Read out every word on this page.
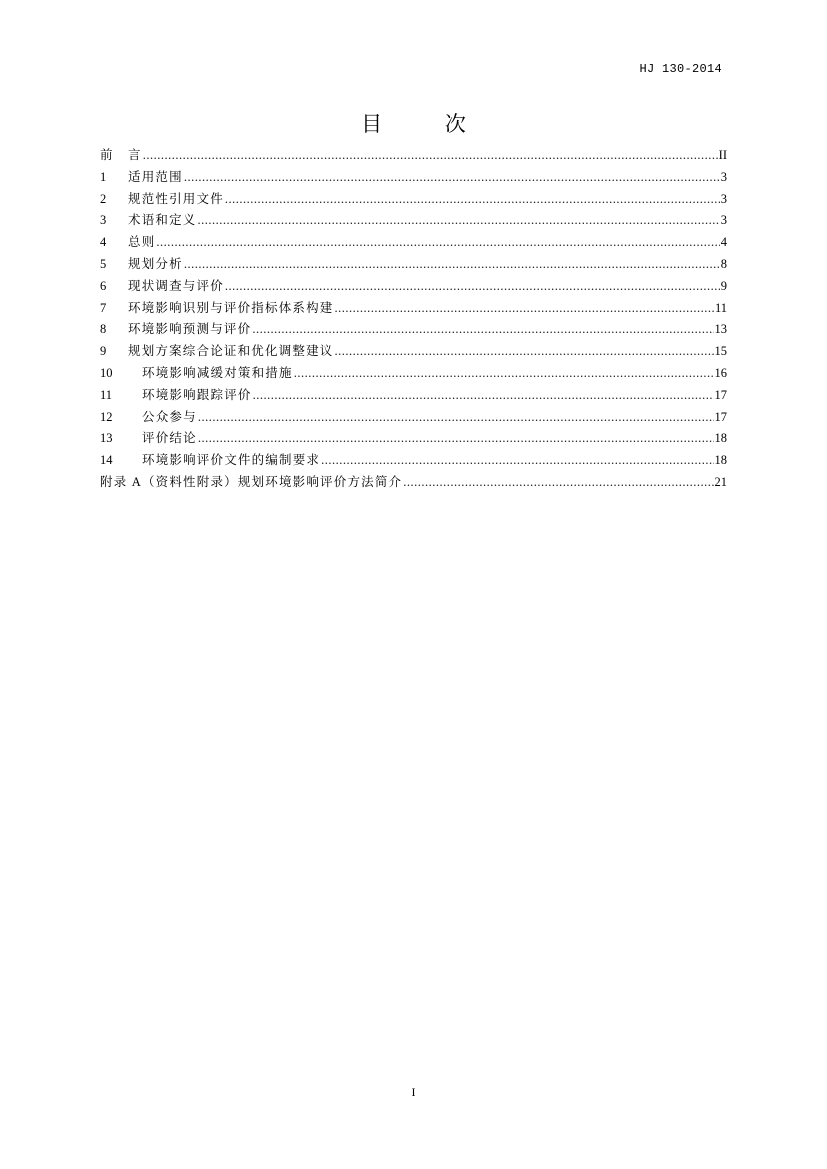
HJ 130-2014
目 次
前	言 .....	II
1	适用范围 .....	3
2	规范性引用文件 .....	3
3	术语和定义 .....	3
4	总则 .....	4
5	规划分析 .....	8
6	现状调查与评价 .....	9
7	环境影响识别与评价指标体系构建 .....	11
8	环境影响预测与评价 .....	13
9	规划方案综合论证和优化调整建议 .....	15
10	环境影响减缓对策和措施 .....	16
11	环境影响跟踪评价 .....	17
12	公众参与 .....	17
13	评价结论 .....	18
14	环境影响评价文件的编制要求 .....	18
附录 A（资料性附录）规划环境影响评价方法简介 .....	21
I
